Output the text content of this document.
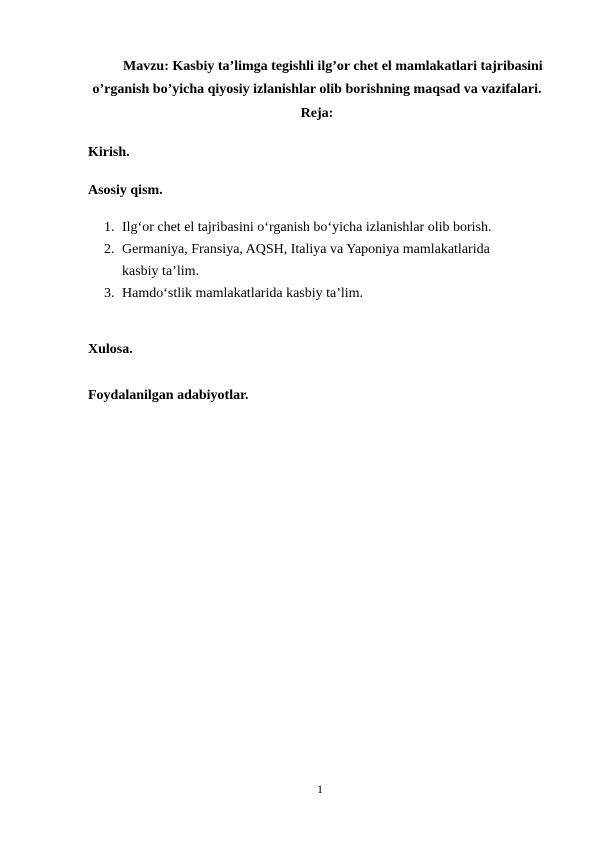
Mavzu: Kasbiy ta’limga tegishli ilg’or chet el mamlakatlari tajribasini

o’rganish bo’yicha qiyosiy izlanishlar olib borishning maqsad va vazifalari.

Reja:

Kirish.

Asosiy qism.

1. Ilg‘or chet el tajribasini o‘rganish bo‘yicha izlanishlar olib borish.
2. Germaniya, Fransiya, AQSH, Italiya va Yaponiya mamlakatlarida kasbiy ta’lim.
3. Hamdo‘stlik mamlakatlarida kasbiy ta’lim.

Xulosa.

Foydalanilgan adabiyotlar.

1
